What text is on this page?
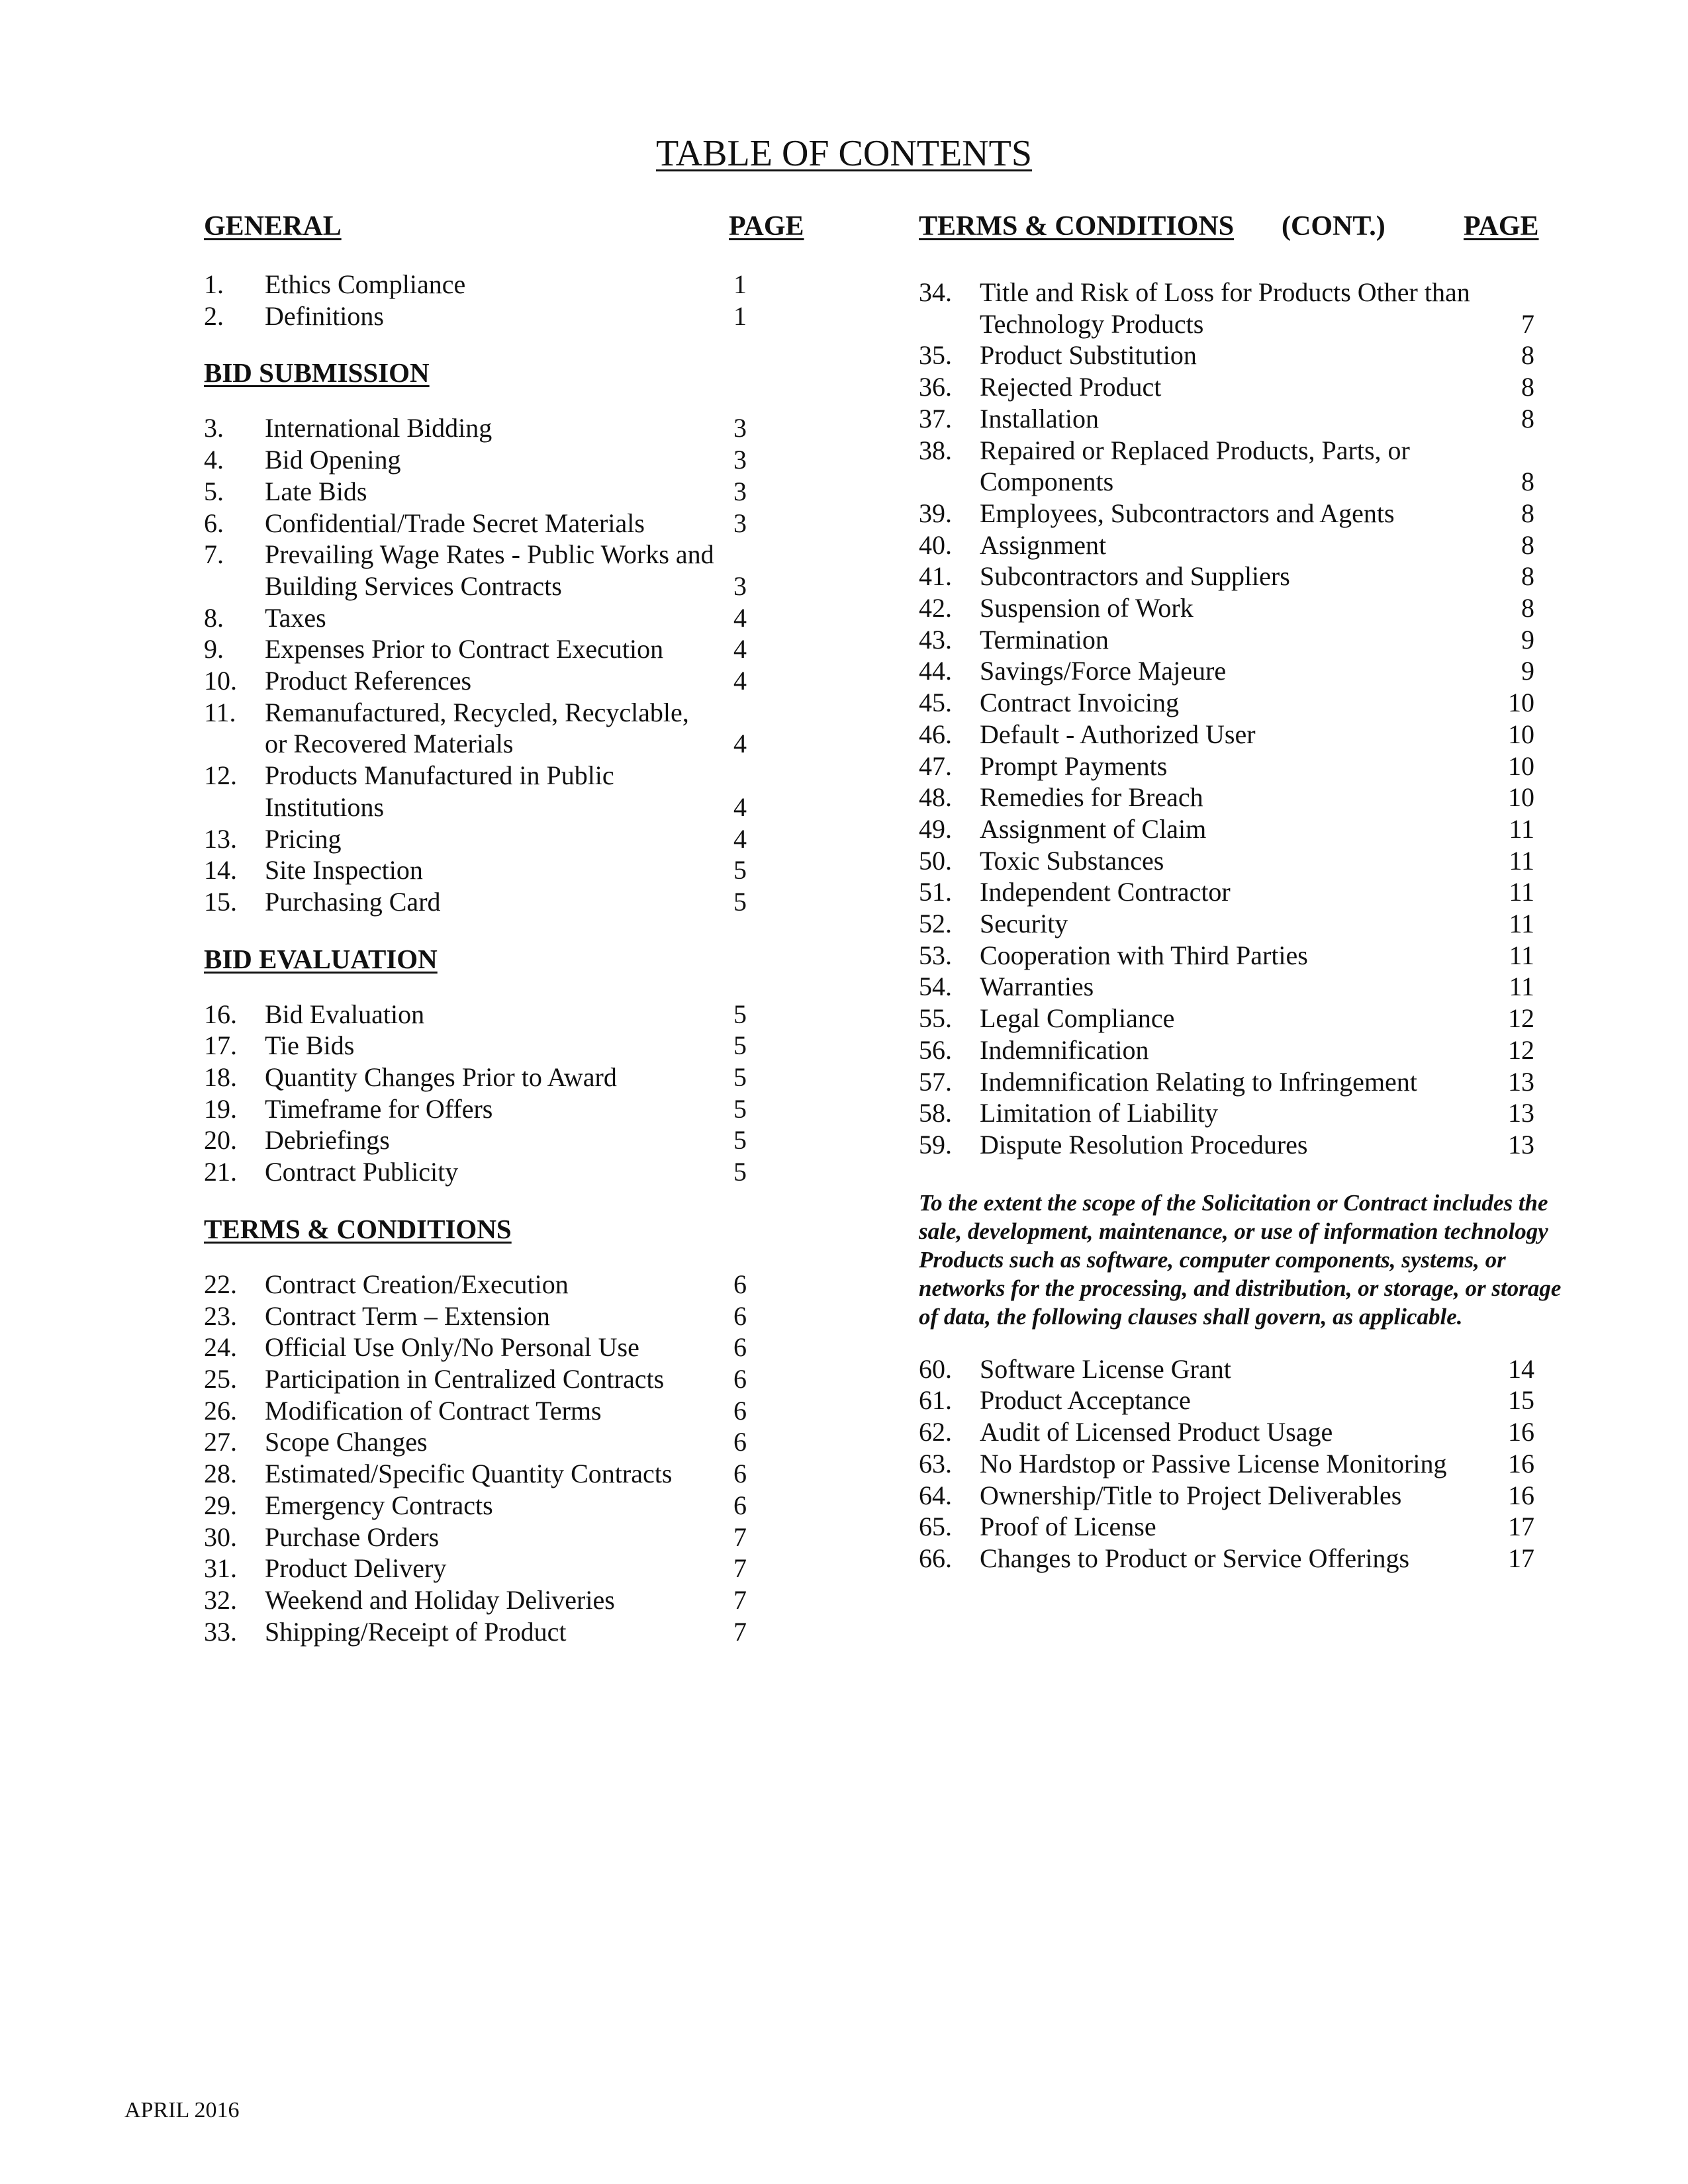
TABLE OF CONTENTS
GENERAL	PAGE
1. Ethics Compliance	1
2. Definitions	1
BID SUBMISSION
3. International Bidding	3
4. Bid Opening	3
5. Late Bids	3
6. Confidential/Trade Secret Materials	3
7. Prevailing Wage Rates - Public Works and Building Services Contracts	3
8. Taxes	4
9. Expenses Prior to Contract Execution	4
10. Product References	4
11. Remanufactured, Recycled, Recyclable, or Recovered Materials	4
12. Products Manufactured in Public Institutions	4
13. Pricing	4
14. Site Inspection	5
15. Purchasing Card	5
BID EVALUATION
16. Bid Evaluation	5
17. Tie Bids	5
18. Quantity Changes Prior to Award	5
19. Timeframe for Offers	5
20. Debriefings	5
21. Contract Publicity	5
TERMS & CONDITIONS
22. Contract Creation/Execution	6
23. Contract Term – Extension	6
24. Official Use Only/No Personal Use	6
25. Participation in Centralized Contracts	6
26. Modification of Contract Terms	6
27. Scope Changes	6
28. Estimated/Specific Quantity Contracts	6
29. Emergency Contracts	6
30. Purchase Orders	7
31. Product Delivery	7
32. Weekend and Holiday Deliveries	7
33. Shipping/Receipt of Product	7
TERMS & CONDITIONS (CONT.)	PAGE
34. Title and Risk of Loss for Products Other than Technology Products	7
35. Product Substitution	8
36. Rejected Product	8
37. Installation	8
38. Repaired or Replaced Products, Parts, or Components	8
39. Employees, Subcontractors and Agents	8
40. Assignment	8
41. Subcontractors and Suppliers	8
42. Suspension of Work	8
43. Termination	9
44. Savings/Force Majeure	9
45. Contract Invoicing	10
46. Default - Authorized User	10
47. Prompt Payments	10
48. Remedies for Breach	10
49. Assignment of Claim	11
50. Toxic Substances	11
51. Independent Contractor	11
52. Security	11
53. Cooperation with Third Parties	11
54. Warranties	11
55. Legal Compliance	12
56. Indemnification	12
57. Indemnification Relating to Infringement	13
58. Limitation of Liability	13
59. Dispute Resolution Procedures	13
To the extent the scope of the Solicitation or Contract includes the sale, development, maintenance, or use of information technology Products such as software, computer components, systems, or networks for the processing, and distribution, or storage, or storage of data, the following clauses shall govern, as applicable.
60. Software License Grant	14
61. Product Acceptance	15
62. Audit of Licensed Product Usage	16
63. No Hardstop or Passive License Monitoring	16
64. Ownership/Title to Project Deliverables	16
65. Proof of License	17
66. Changes to Product or Service Offerings	17
APRIL 2016
